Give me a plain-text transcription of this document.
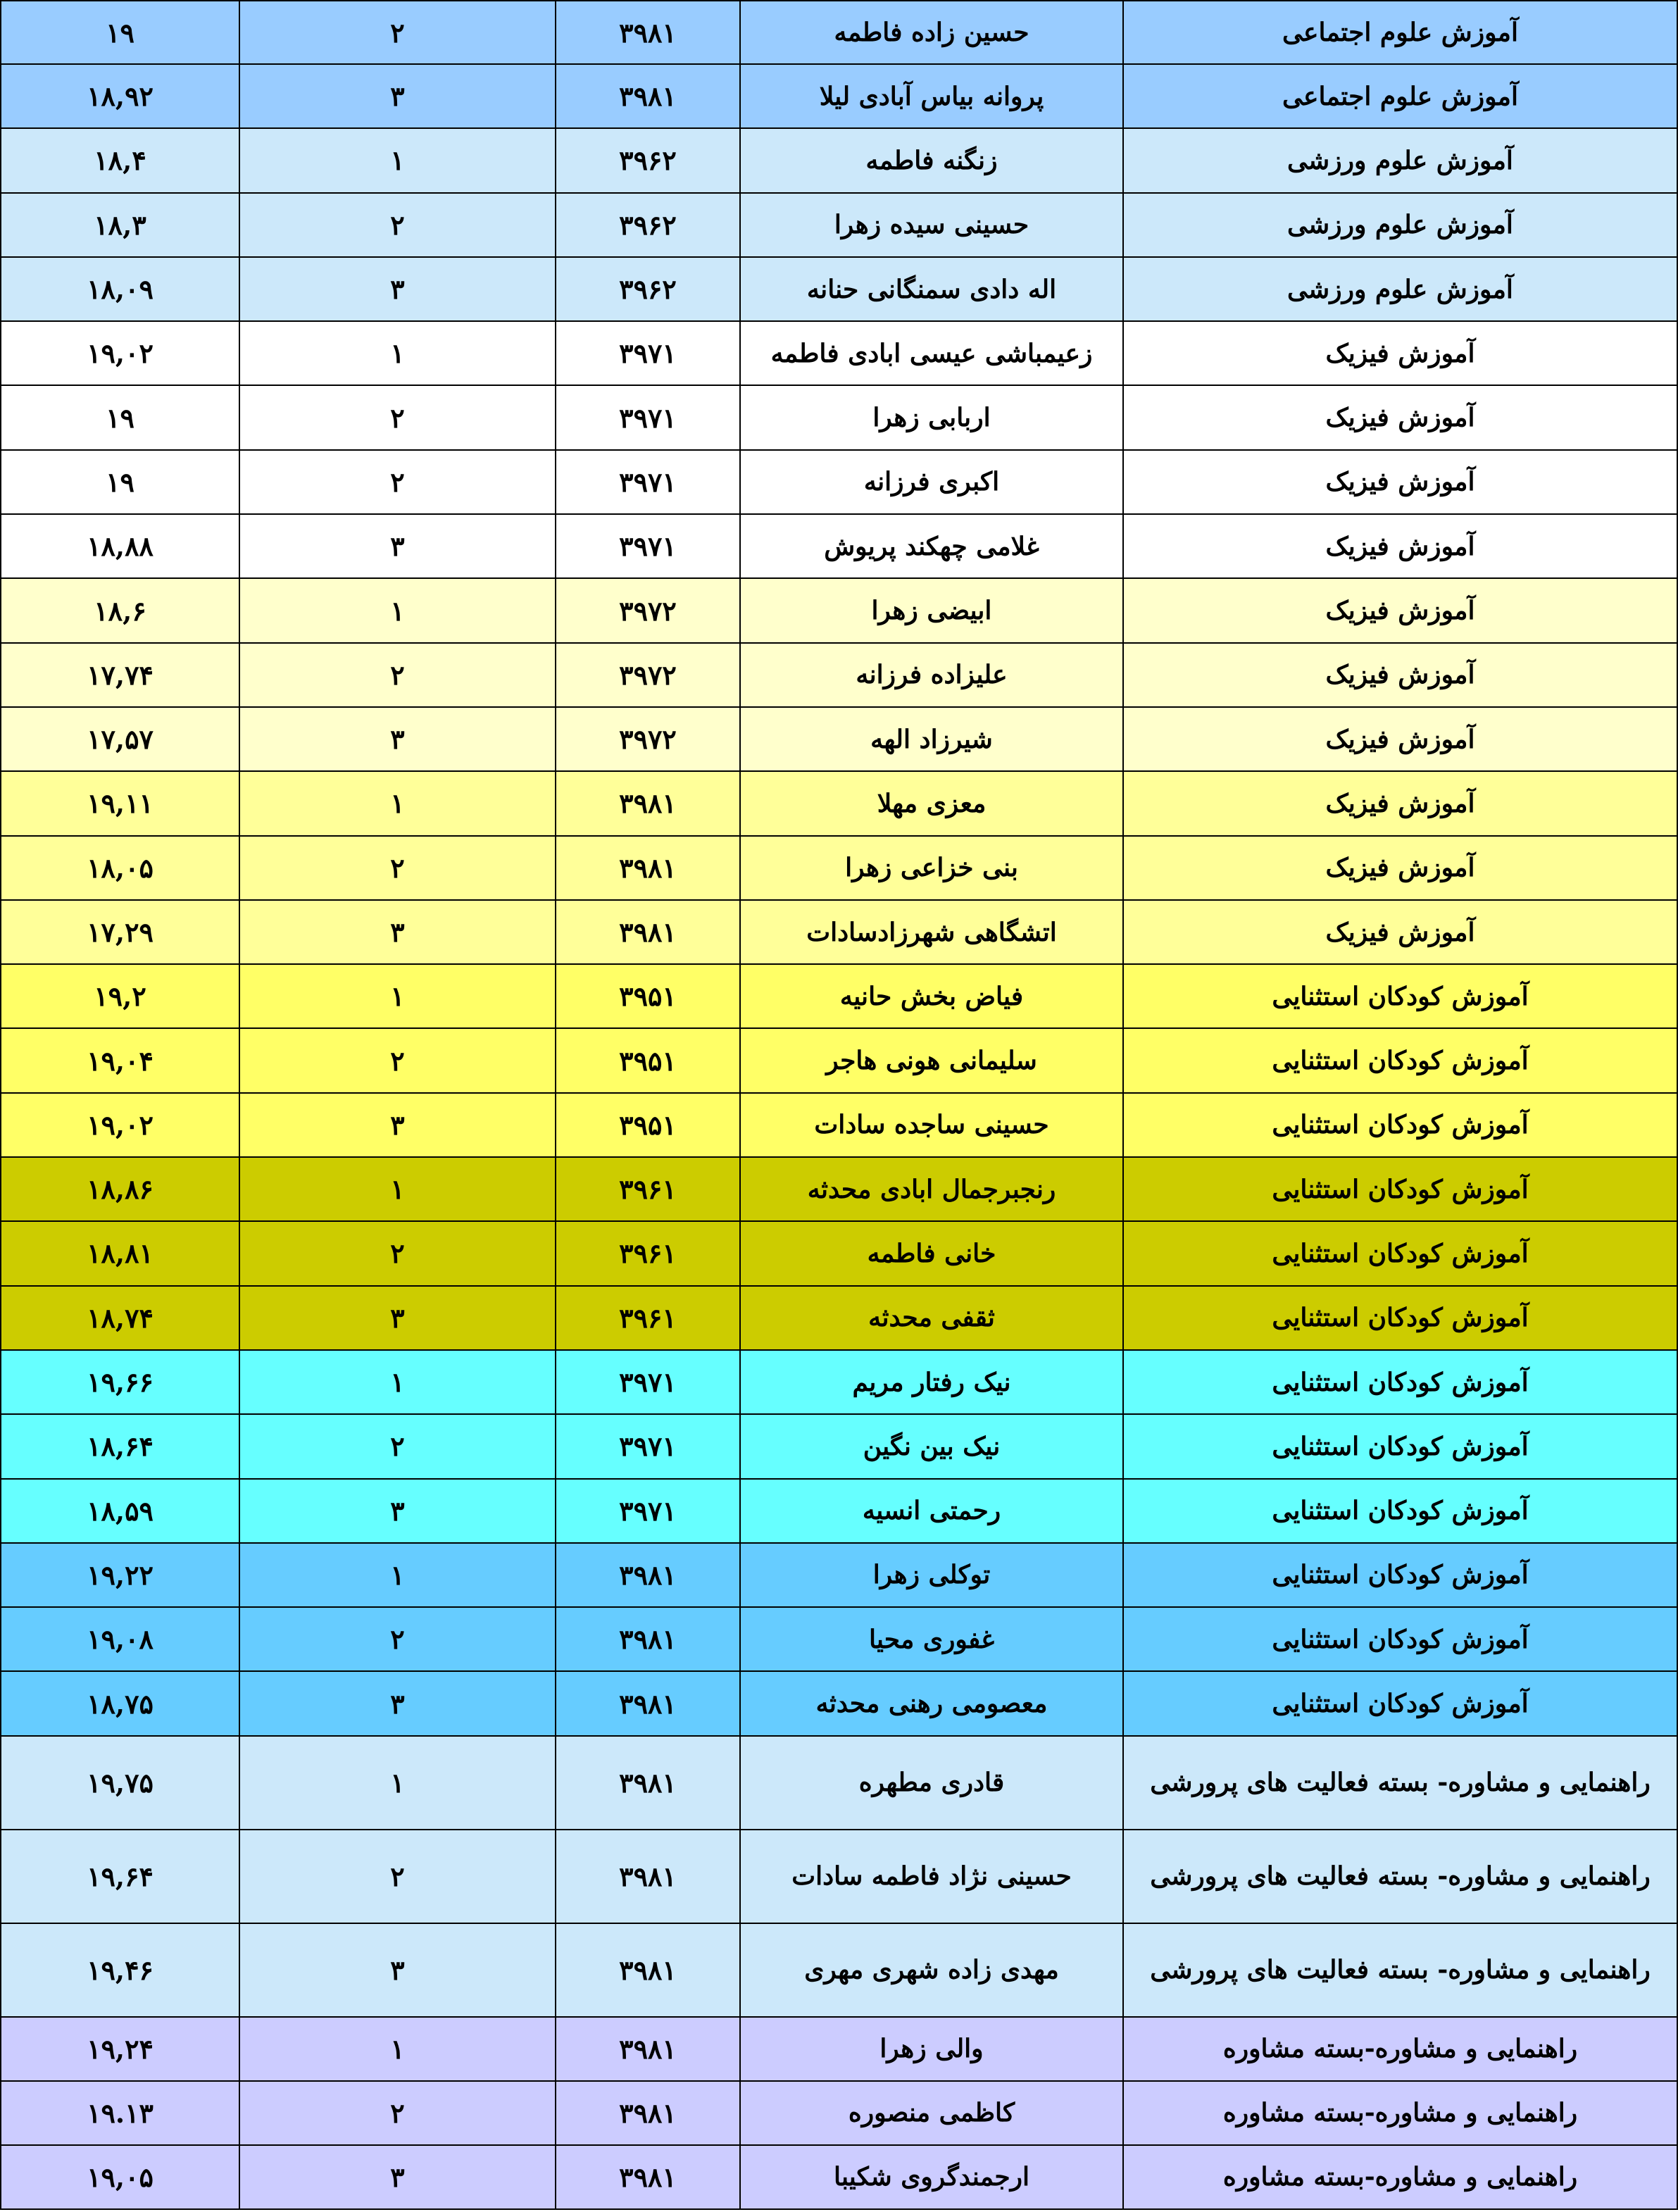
۱۹	۲	۳۹۸۱	حسین زاده فاطمه	آموزش علوم اجتماعی
۱۸,۹۲	۳	۳۹۸۱	پروانه بیاس آبادی لیلا	آموزش علوم اجتماعی
۱۸,۴	۱	۳۹۶۲	زنگنه فاطمه	آموزش علوم ورزشی
۱۸,۳	۲	۳۹۶۲	حسینی سیده زهرا	آموزش علوم ورزشی
۱۸,۰۹	۳	۳۹۶۲	اله دادی سمنگانی حنانه	آموزش علوم ورزشی
۱۹,۰۲	۱	۳۹۷۱	زعیمباشی عیسی ابادی فاطمه	آموزش فیزیک
۱۹	۲	۳۹۷۱	اربابی زهرا	آموزش فیزیک
۱۹	۲	۳۹۷۱	اکبری فرزانه	آموزش فیزیک
۱۸,۸۸	۳	۳۹۷۱	غلامی چهکند پریوش	آموزش فیزیک
۱۸,۶	۱	۳۹۷۲	ابیضی زهرا	آموزش فیزیک
۱۷,۷۴	۲	۳۹۷۲	علیزاده فرزانه	آموزش فیزیک
۱۷,۵۷	۳	۳۹۷۲	شیرزاد الهه	آموزش فیزیک
۱۹,۱۱	۱	۳۹۸۱	معزی مهلا	آموزش فیزیک
۱۸,۰۵	۲	۳۹۸۱	بنی خزاعی زهرا	آموزش فیزیک
۱۷,۲۹	۳	۳۹۸۱	اتشگاهی شهرزادسادات	آموزش فیزیک
۱۹,۲	۱	۳۹۵۱	فیاض بخش حانیه	آموزش کودکان استثنایی
۱۹,۰۴	۲	۳۹۵۱	سلیمانی هونی هاجر	آموزش کودکان استثنایی
۱۹,۰۲	۳	۳۹۵۱	حسینی ساجده سادات	آموزش کودکان استثنایی
۱۸,۸۶	۱	۳۹۶۱	رنجبرجمال ابادی محدثه	آموزش کودکان استثنایی
۱۸,۸۱	۲	۳۹۶۱	خانی فاطمه	آموزش کودکان استثنایی
۱۸,۷۴	۳	۳۹۶۱	ثقفی محدثه	آموزش کودکان استثنایی
۱۹,۶۶	۱	۳۹۷۱	نیک رفتار مریم	آموزش کودکان استثنایی
۱۸,۶۴	۲	۳۹۷۱	نیک بین نگین	آموزش کودکان استثنایی
۱۸,۵۹	۳	۳۹۷۱	رحمتی انسیه	آموزش کودکان استثنایی
۱۹,۲۲	۱	۳۹۸۱	توکلی زهرا	آموزش کودکان استثنایی
۱۹,۰۸	۲	۳۹۸۱	غفوری محیا	آموزش کودکان استثنایی
۱۸,۷۵	۳	۳۹۸۱	معصومی رهنی محدثه	آموزش کودکان استثنایی
۱۹,۷۵	۱	۳۹۸۱	قادری مطهره	راهنمایی و مشاوره- بسته فعالیت های پرورشی
۱۹,۶۴	۲	۳۹۸۱	حسینی نژاد فاطمه سادات	راهنمایی و مشاوره- بسته فعالیت های پرورشی
۱۹,۴۶	۳	۳۹۸۱	مهدی زاده شهری مهری	راهنمایی و مشاوره- بسته فعالیت های پرورشی
۱۹,۲۴	۱	۳۹۸۱	والی زهرا	راهنمایی و مشاوره-بسته مشاوره
۱۹.۱۳	۲	۳۹۸۱	کاظمی منصوره	راهنمایی و مشاوره-بسته مشاوره
۱۹,۰۵	۳	۳۹۸۱	ارجمندگروی شکیبا	راهنمایی و مشاوره-بسته مشاوره
